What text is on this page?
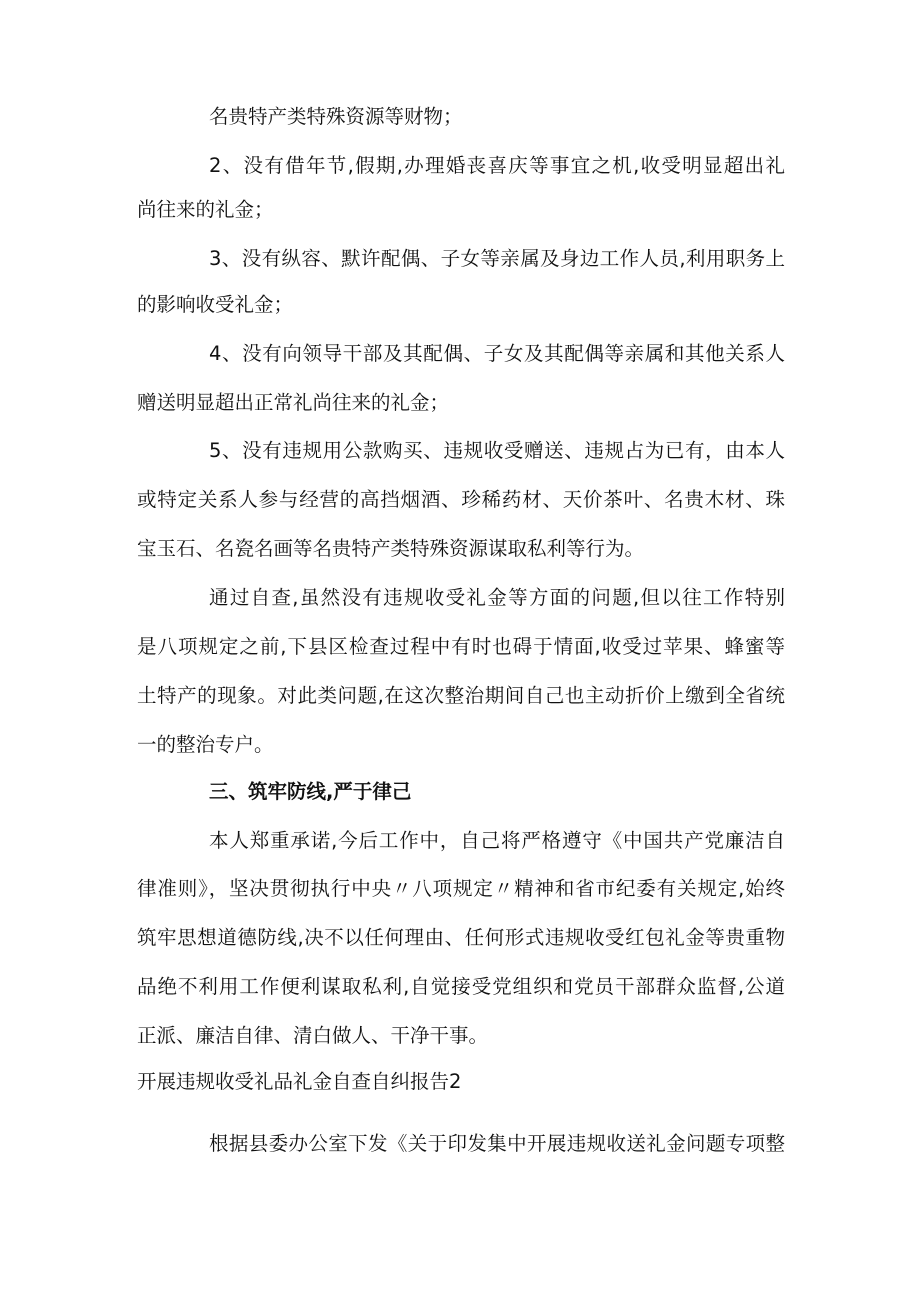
名贵特产类特殊资源等财物；
2、没有借年节,假期,办理婚丧喜庆等事宜之机,收受明显超出礼
尚往来的礼金；
3、没有纵容、默许配偶、子女等亲属及身边工作人员,利用职务上
的影响收受礼金；
4、没有向领导干部及其配偶、子女及其配偶等亲属和其他关系人
赠送明显超出正常礼尚往来的礼金；
5、没有违规用公款购买、违规收受赠送、违规占为已有，由本人
或特定关系人参与经营的高挡烟酒、珍稀药材、天价茶叶、名贵木材、珠
宝玉石、名瓷名画等名贵特产类特殊资源谋取私利等行为。
通过自查,虽然没有违规收受礼金等方面的问题,但以往工作特别
是八项规定之前,下县区检查过程中有时也碍于情面,收受过苹果、蜂蜜等
土特产的现象。对此类问题,在这次整治期间自己也主动折价上缴到全省统
一的整治专户。
三、筑牢防线,严于律己
本人郑重承诺,今后工作中，自己将严格遵守《中国共产党廉洁自
律准则》，坚决贯彻执行中央〃八项规定〃精神和省市纪委有关规定,始终
筑牢思想道德防线,决不以任何理由、任何形式违规收受红包礼金等贵重物
品绝不利用工作便利谋取私利,自觉接受党组织和党员干部群众监督,公道
正派、廉洁自律、清白做人、干净干事。
开展违规收受礼品礼金自查自纠报告2
根据县委办公室下发《关于印发集中开展违规收送礼金问题专项整
